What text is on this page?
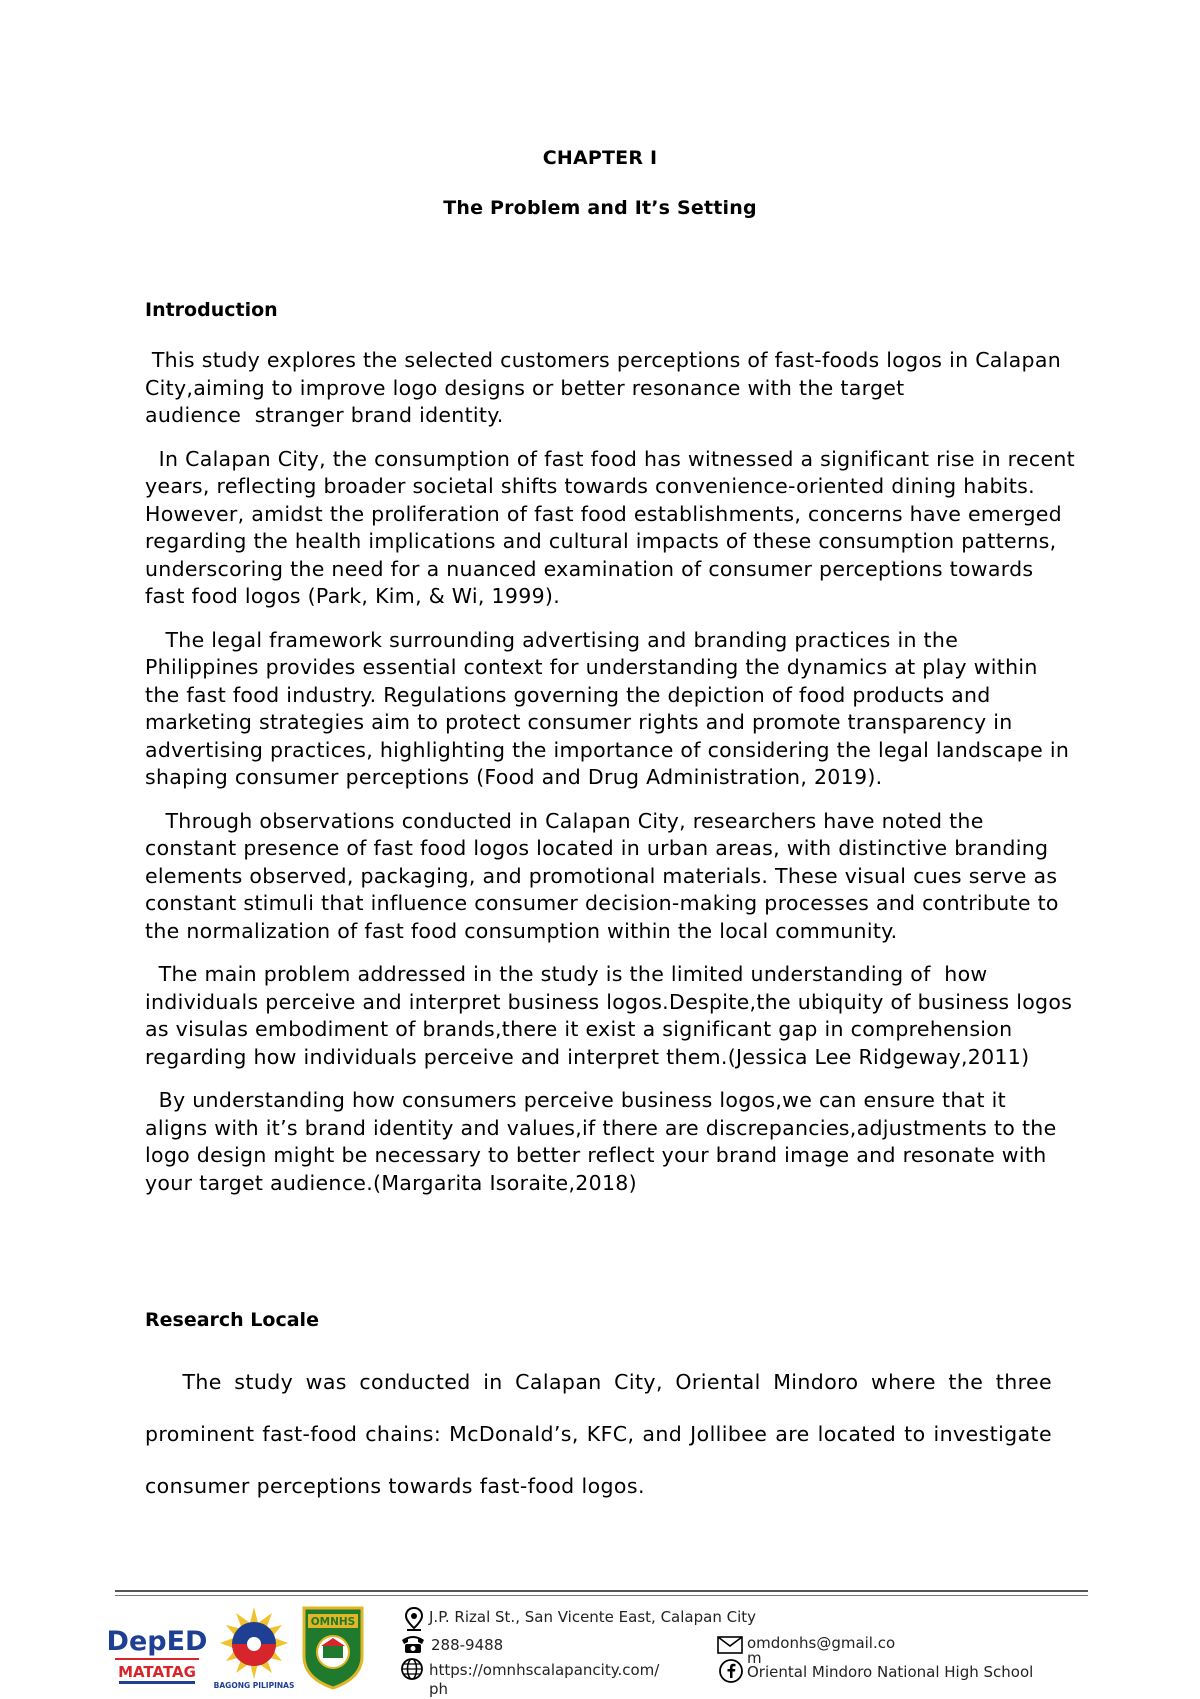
CHAPTER I
The Problem and It’s Setting
Introduction

This study explores the selected customers perceptions of fast-foods logos in Calapan City,aiming to improve logo designs or better resonance with the target audience  stranger brand identity.

In Calapan City, the consumption of fast food has witnessed a significant rise in recent years, reflecting broader societal shifts towards convenience-oriented dining habits. However, amidst the proliferation of fast food establishments, concerns have emerged regarding the health implications and cultural impacts of these consumption patterns, underscoring the need for a nuanced examination of consumer perceptions towards fast food logos (Park, Kim, & Wi, 1999).

The legal framework surrounding advertising and branding practices in the Philippines provides essential context for understanding the dynamics at play within the fast food industry. Regulations governing the depiction of food products and marketing strategies aim to protect consumer rights and promote transparency in advertising practices, highlighting the importance of considering the legal landscape in shaping consumer perceptions (Food and Drug Administration, 2019).

Through observations conducted in Calapan City, researchers have noted the constant presence of fast food logos located in urban areas, with distinctive branding elements observed, packaging, and promotional materials. These visual cues serve as constant stimuli that influence consumer decision-making processes and contribute to the normalization of fast food consumption within the local community.

The main problem addressed in the study is the limited understanding of  how individuals perceive and interpret business logos.Despite,the ubiquity of business logos as visulas embodiment of brands,there it exist a significant gap in comprehension regarding how individuals perceive and interpret them.(Jessica Lee Ridgeway,2011)

By understanding how consumers perceive business logos,we can ensure that it aligns with it’s brand identity and values,if there are discrepancies,adjustments to the logo design might be necessary to better reflect your brand image and resonate with your target audience.(Margarita Isoraite,2018)

Research Locale
The study was conducted in Calapan City, Oriental Mindoro where the three prominent fast-food chains: McDonald’s, KFC, and Jollibee are located to investigate consumer perceptions towards fast-food logos.
DepED
MATATAG
BAGONG PILIPINAS
OMNHS	J.P. Rizal St., San Vicente East, Calapan City
288-9488
https://omnhscalapancity.com/
ph
omdonhs@gmail.co
m
Oriental Mindoro National High School
